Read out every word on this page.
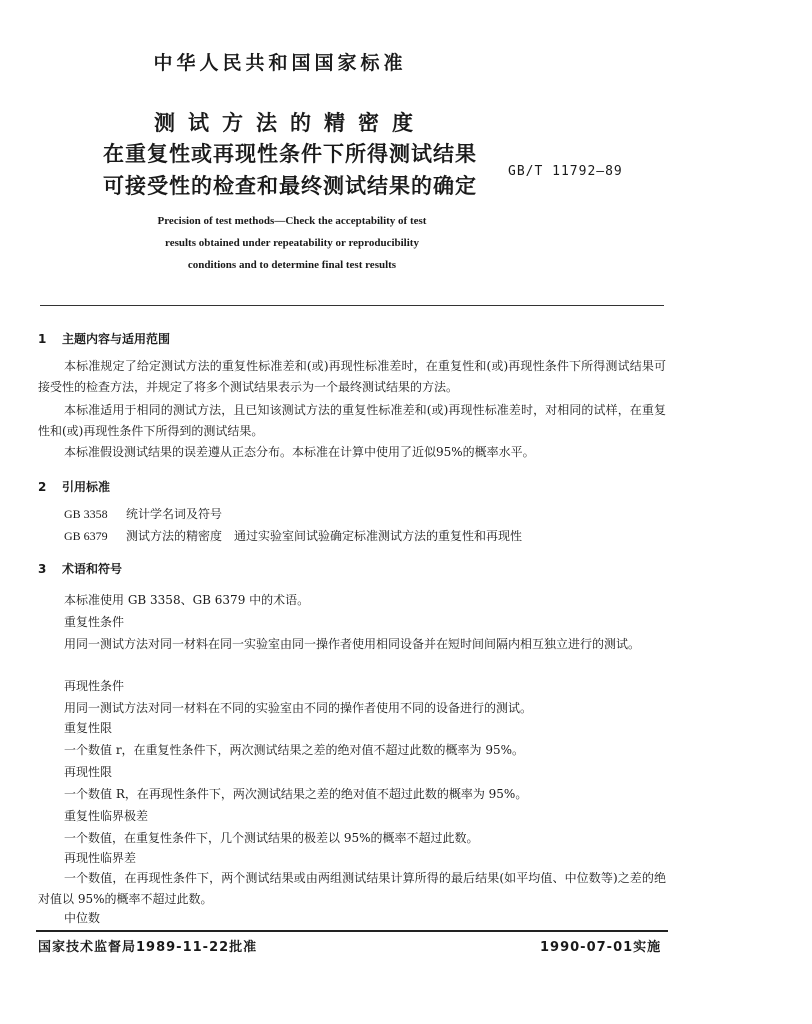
中华人民共和国国家标准
测试方法的精密度
在重复性或再现性条件下所得测试结果
可接受性的检查和最终测试结果的确定
GB/T 11792—89
Precision of test methods—Check the acceptability of test
results obtained under repeatability or reproducibility
conditions and to determine final test results
1 主题内容与适用范围
本标准规定了给定测试方法的重复性标准差和(或)再现性标准差时，在重复性和(或)再现性条件下所得测试结果可接受性的检查方法，并规定了将多个测试结果表示为一个最终测试结果的方法。
本标准适用于相同的测试方法，且已知该测试方法的重复性标准差和(或)再现性标准差时，对相同的试样，在重复性和(或)再现性条件下所得到的测试结果。
本标准假设测试结果的误差遵从正态分布。本标准在计算中使用了近似95%的概率水平。
2 引用标准
GB 3358 统计学名词及符号
GB 6379 测试方法的精密度　通过实验室间试验确定标准测试方法的重复性和再现性
3 术语和符号
本标准使用 GB 3358、GB 6379 中的术语。
重复性条件
用同一测试方法对同一材料在同一实验室由同一操作者使用相同设备并在短时间间隔内相互独立进行的测试。
再现性条件
用同一测试方法对同一材料在不同的实验室由不同的操作者使用不同的设备进行的测试。
重复性限
一个数值 r，在重复性条件下，两次测试结果之差的绝对值不超过此数的概率为 95%。
再现性限
一个数值 R，在再现性条件下，两次测试结果之差的绝对值不超过此数的概率为 95%。
重复性临界极差
一个数值，在重复性条件下，几个测试结果的极差以 95%的概率不超过此数。
再现性临界差
一个数值，在再现性条件下，两个测试结果或由两组测试结果计算所得的最后结果(如平均值、中位数等)之差的绝对值以 95%的概率不超过此数。
中位数
国家技术监督局1989-11-22批准	1990-07-01实施
